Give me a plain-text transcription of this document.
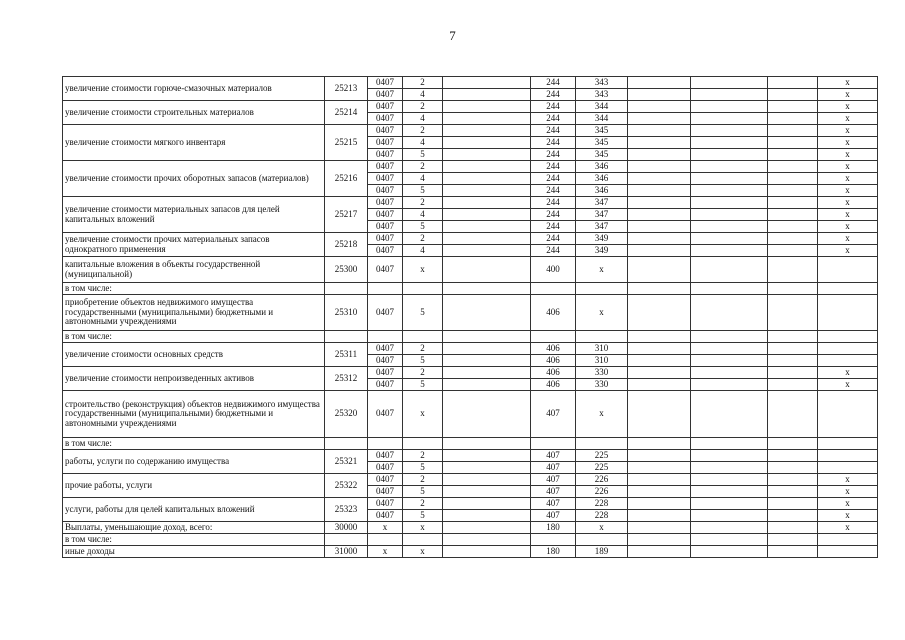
7
увеличение стоимости горюче-смазочных материалов	25213	0407	2		244	343				х
		0407	4		244	343				х
увеличение стоимости строительных материалов	25214	0407	2		244	344				х
		0407	4		244	344				х
увеличение стоимости мягкого инвентаря	25215	0407	2		244	345				х
		0407	4		244	345				х
		0407	5		244	345				х
увеличение стоимости прочих оборотных запасов (материалов)	25216	0407	2		244	346				х
		0407	4		244	346				х
		0407	5		244	346				х
увеличение стоимости материальных запасов для целей капитальных вложений	25217	0407	2		244	347				х
		0407	4		244	347				х
		0407	5		244	347				х
увеличение стоимости прочих материальных запасов однократного применения	25218	0407	2		244	349				х
		0407	4		244	349				х
капитальные вложения в объекты государственной (муниципальной)	25300	0407	х		400	х				
в том числе:										
приобретение объектов недвижимого имущества государственными (муниципальными) бюджетными и автономными учреждениями	25310	0407	5		406	х				
в том числе:										
увеличение стоимости основных средств	25311	0407	2		406	310				
		0407	5		406	310				
увеличение стоимости непроизведенных активов	25312	0407	2		406	330				х
		0407	5		406	330				х
строительство (реконструкция) объектов недвижимого имущества государственными (муниципальными) бюджетными и автономными учреждениями	25320	0407	х		407	х				
в том числе:										
работы, услуги по содержанию имущества	25321	0407	2		407	225				
		0407	5		407	225				
прочие работы, услуги	25322	0407	2		407	226				х
		0407	5		407	226				х
услуги, работы для целей капитальных вложений	25323	0407	2		407	228				х
		0407	5		407	228				х
Выплаты, уменьшающие доход, всего:	30000	х	х		180	х				х
в том числе:										
иные доходы	31000	х	х		180	189				
